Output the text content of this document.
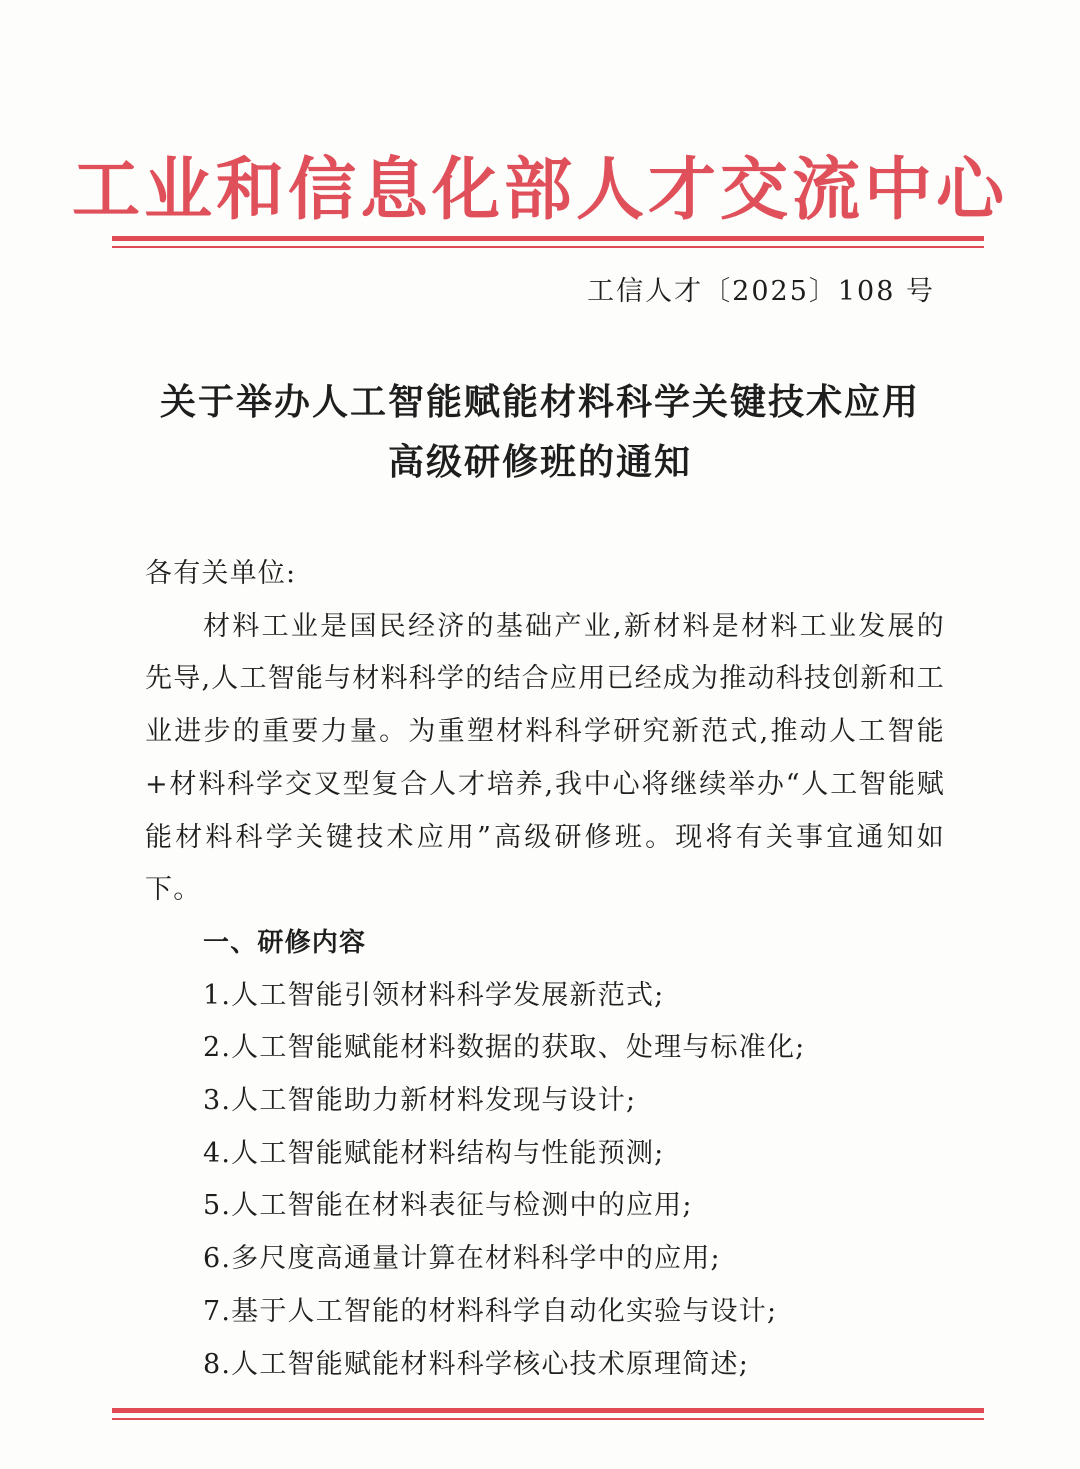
工业和信息化部人才交流中心
工信人才〔2025〕108 号
关于举办人工智能赋能材料科学关键技术应用
高级研修班的通知

各有关单位:

材料工业是国民经济的基础产业,新材料是材料工业发展的先导,人工智能与材料科学的结合应用已经成为推动科技创新和工业进步的重要力量。为重塑材料科学研究新范式,推动人工智能+材料科学交叉型复合人才培养,我中心将继续举办“人工智能赋能材料科学关键技术应用”高级研修班。现将有关事宜通知如下。

一、研修内容

1.人工智能引领材料科学发展新范式;
2.人工智能赋能材料数据的获取、处理与标准化;
3.人工智能助力新材料发现与设计;
4.人工智能赋能材料结构与性能预测;
5.人工智能在材料表征与检测中的应用;
6.多尺度高通量计算在材料科学中的应用;
7.基于人工智能的材料科学自动化实验与设计;
8.人工智能赋能材料科学核心技术原理简述;
